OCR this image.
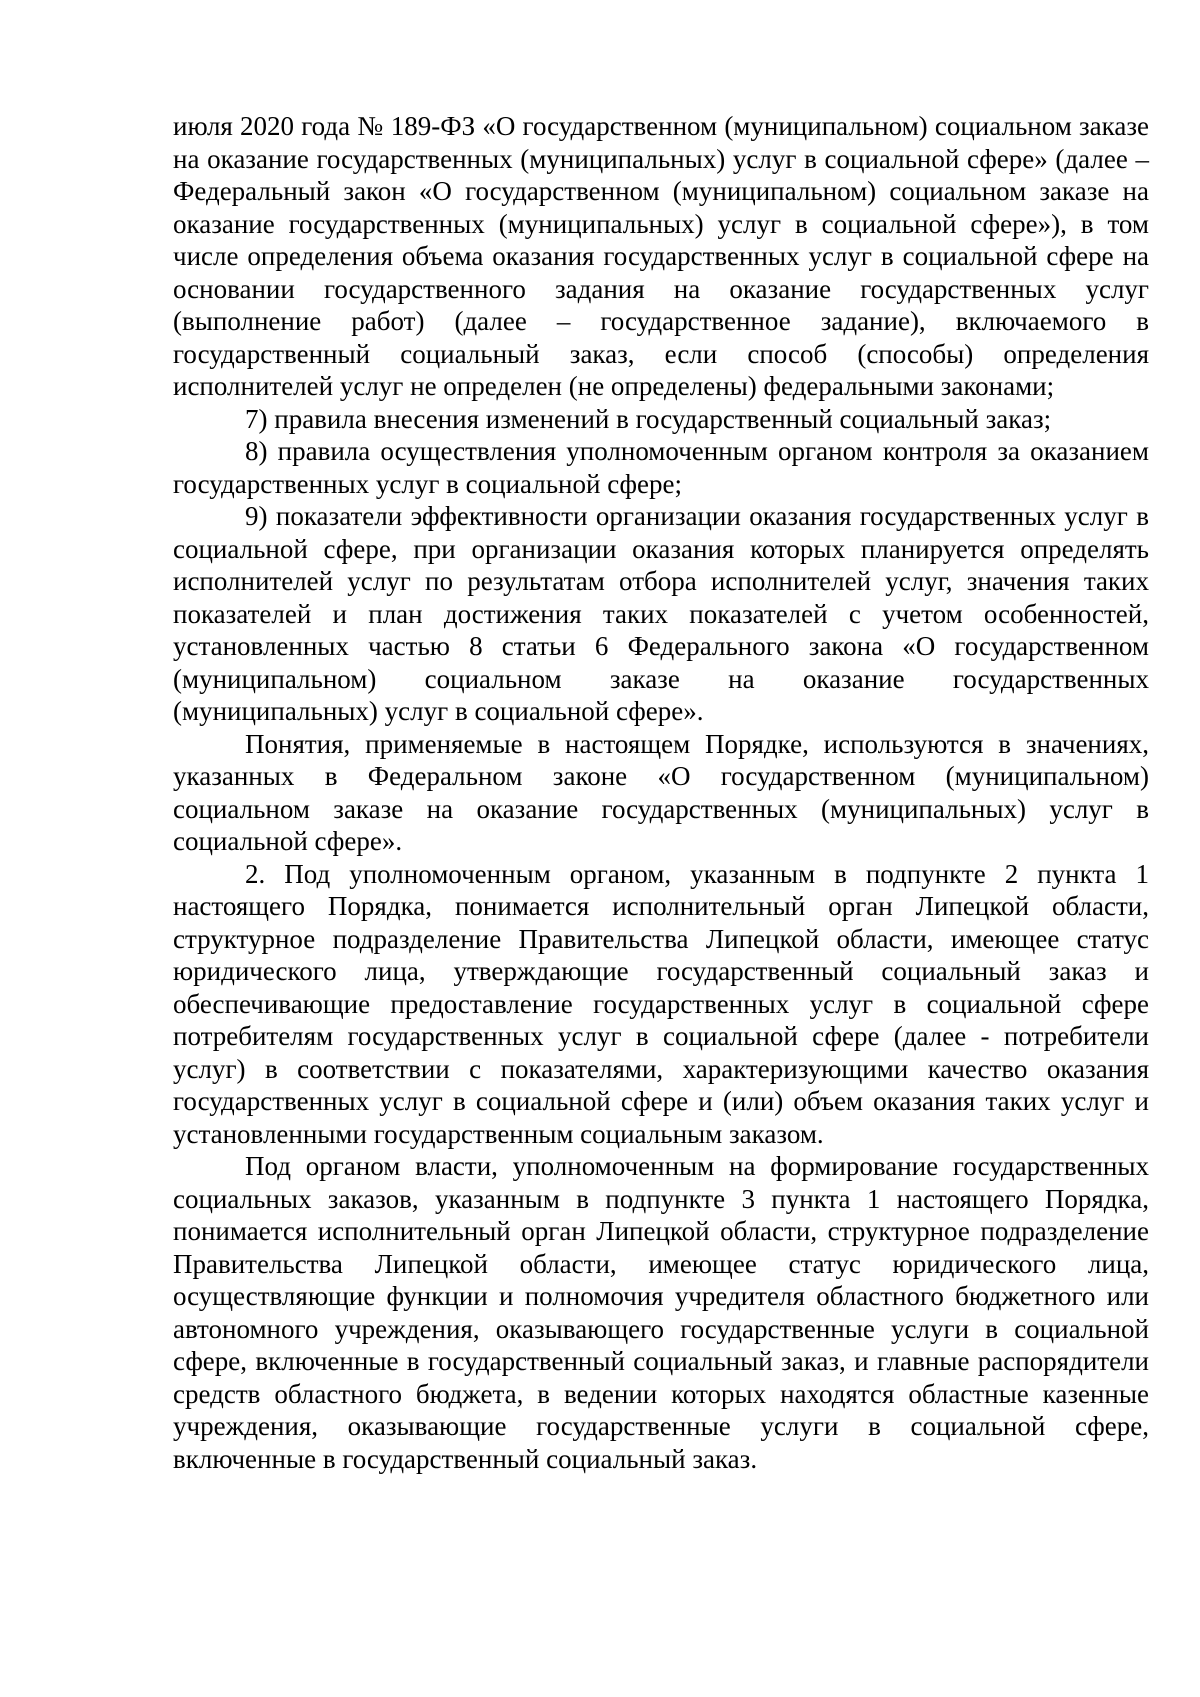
июля 2020 года № 189-ФЗ «О государственном (муниципальном) социальном заказе на оказание государственных (муниципальных) услуг в социальной сфере» (далее – Федеральный закон «О государственном (муниципальном) социальном заказе на оказание государственных (муниципальных) услуг в социальной сфере»), в том числе определения объема оказания государственных услуг в социальной сфере на основании государственного задания на оказание государственных услуг (выполнение работ) (далее – государственное задание), включаемого в государственный социальный заказ, если способ (способы) определения исполнителей услуг не определен (не определены) федеральными законами;

7) правила внесения изменений в государственный социальный заказ;

8) правила осуществления уполномоченным органом контроля за оказанием государственных услуг в социальной сфере;

9) показатели эффективности организации оказания государственных услуг в социальной сфере, при организации оказания которых планируется определять исполнителей услуг по результатам отбора исполнителей услуг, значения таких показателей и план достижения таких показателей с учетом особенностей, установленных частью 8 статьи 6 Федерального закона «О государственном (муниципальном) социальном заказе на оказание государственных (муниципальных) услуг в социальной сфере».

Понятия, применяемые в настоящем Порядке, используются в значениях, указанных в Федеральном законе «О государственном (муниципальном) социальном заказе на оказание государственных (муниципальных) услуг в социальной сфере».

2. Под уполномоченным органом, указанным в подпункте 2 пункта 1 настоящего Порядка, понимается исполнительный орган Липецкой области, структурное подразделение Правительства Липецкой области, имеющее статус юридического лица, утверждающие государственный социальный заказ и обеспечивающие предоставление государственных услуг в социальной сфере потребителям государственных услуг в социальной сфере (далее - потребители услуг) в соответствии с показателями, характеризующими качество оказания государственных услуг в социальной сфере и (или) объем оказания таких услуг и установленными государственным социальным заказом.

Под органом власти, уполномоченным на формирование государственных социальных заказов, указанным в подпункте 3 пункта 1 настоящего Порядка, понимается исполнительный орган Липецкой области, структурное подразделение Правительства Липецкой области, имеющее статус юридического лица, осуществляющие функции и полномочия учредителя областного бюджетного или автономного учреждения, оказывающего государственные услуги в социальной сфере, включенные в государственный социальный заказ, и главные распорядители средств областного бюджета, в ведении которых находятся областные казенные учреждения, оказывающие государственные услуги в социальной сфере, включенные в государственный социальный заказ.
